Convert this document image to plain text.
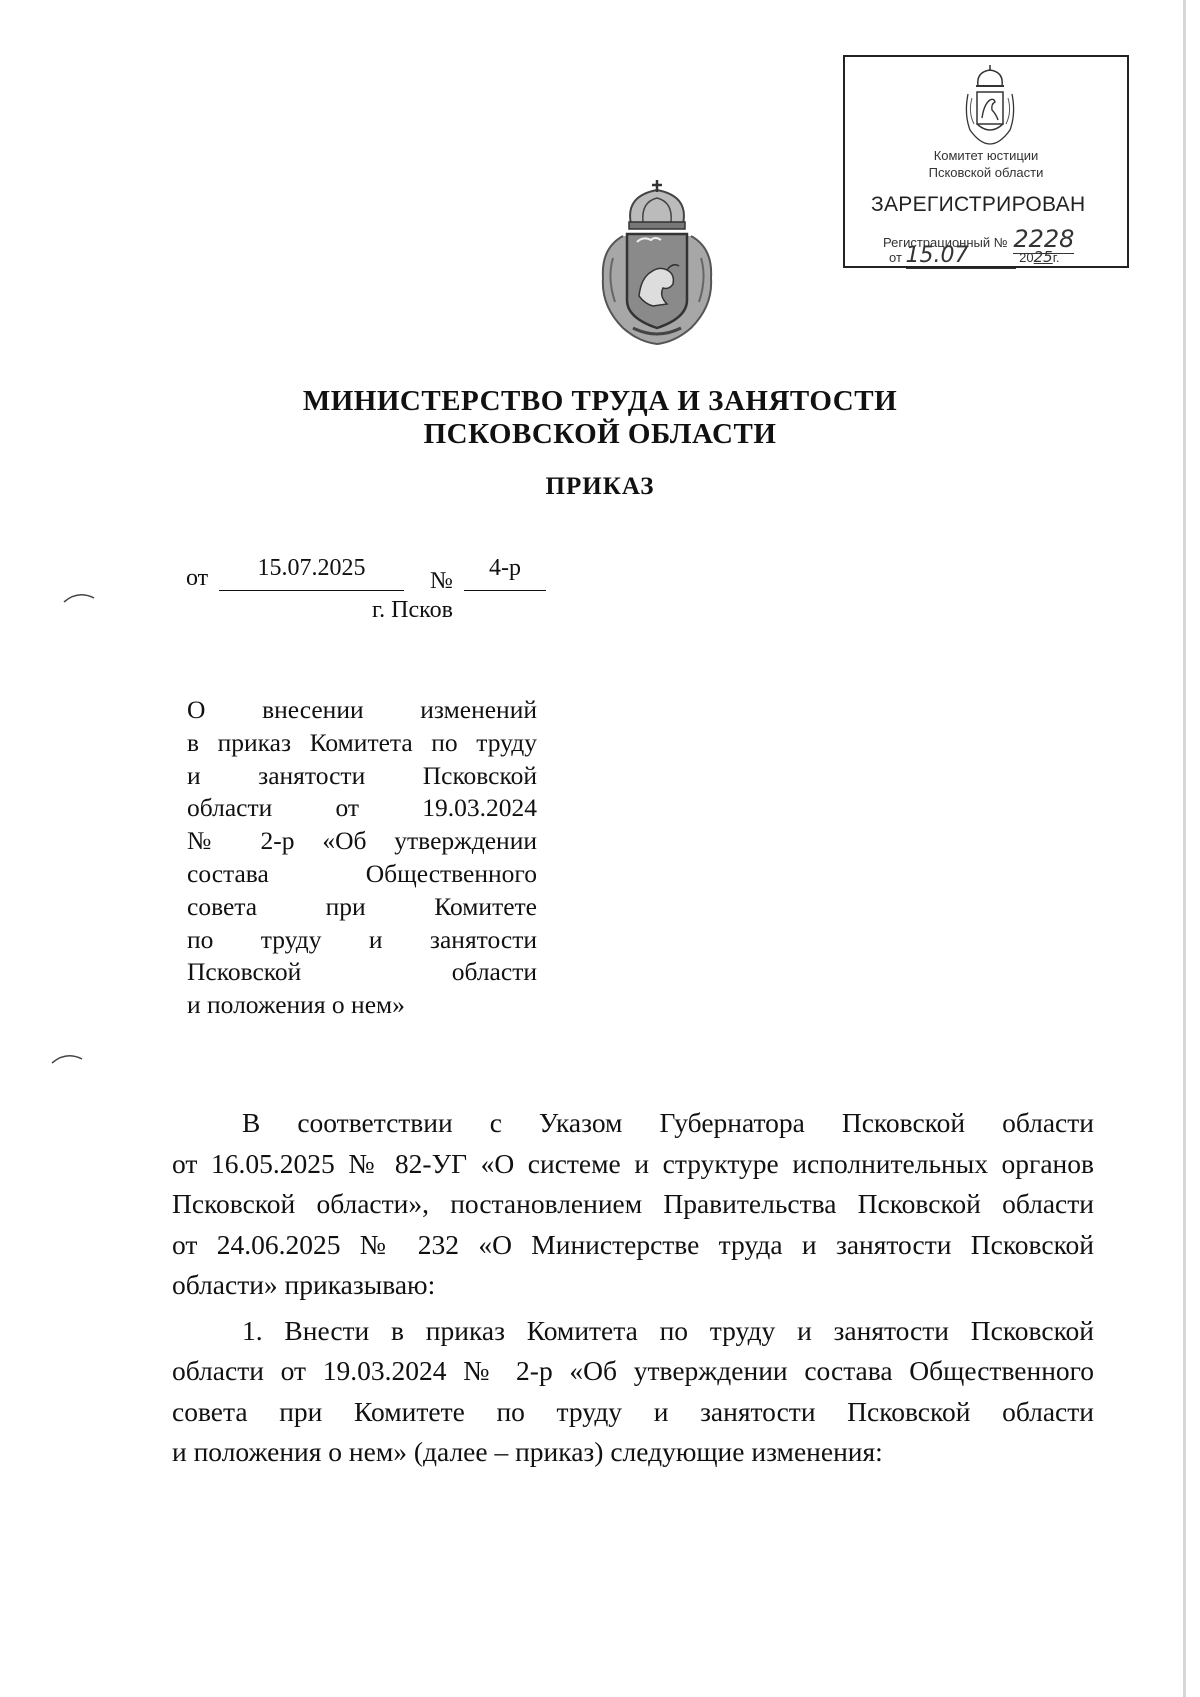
Комитет юстиции
Псковской области
ЗАРЕГИСТРИРОВАН
Регистрационный № 2228
от 15.07	2025г.
МИНИСТЕРСТВО ТРУДА И ЗАНЯТОСТИ
ПСКОВСКОЙ ОБЛАСТИ
ПРИКАЗ
от	15.07.2025	№	4-р
г. Псков
О внесении изменений
в приказ Комитета по труду
и занятости Псковской
области от 19.03.2024
№ 2-р «Об утверждении
состава Общественного
совета при Комитете
по труду и занятости
Псковской области
и положения о нем»
В соответствии с Указом Губернатора Псковской области
от 16.05.2025 № 82-УГ «О системе и структуре исполнительных органов
Псковской области», постановлением Правительства Псковской области
от 24.06.2025 № 232 «О Министерстве труда и занятости Псковской
области» приказываю:
1. Внести в приказ Комитета по труду и занятости Псковской
области от 19.03.2024 № 2-р «Об утверждении состава Общественного
совета при Комитете по труду и занятости Псковской области
и положения о нем» (далее – приказ) следующие изменения:
